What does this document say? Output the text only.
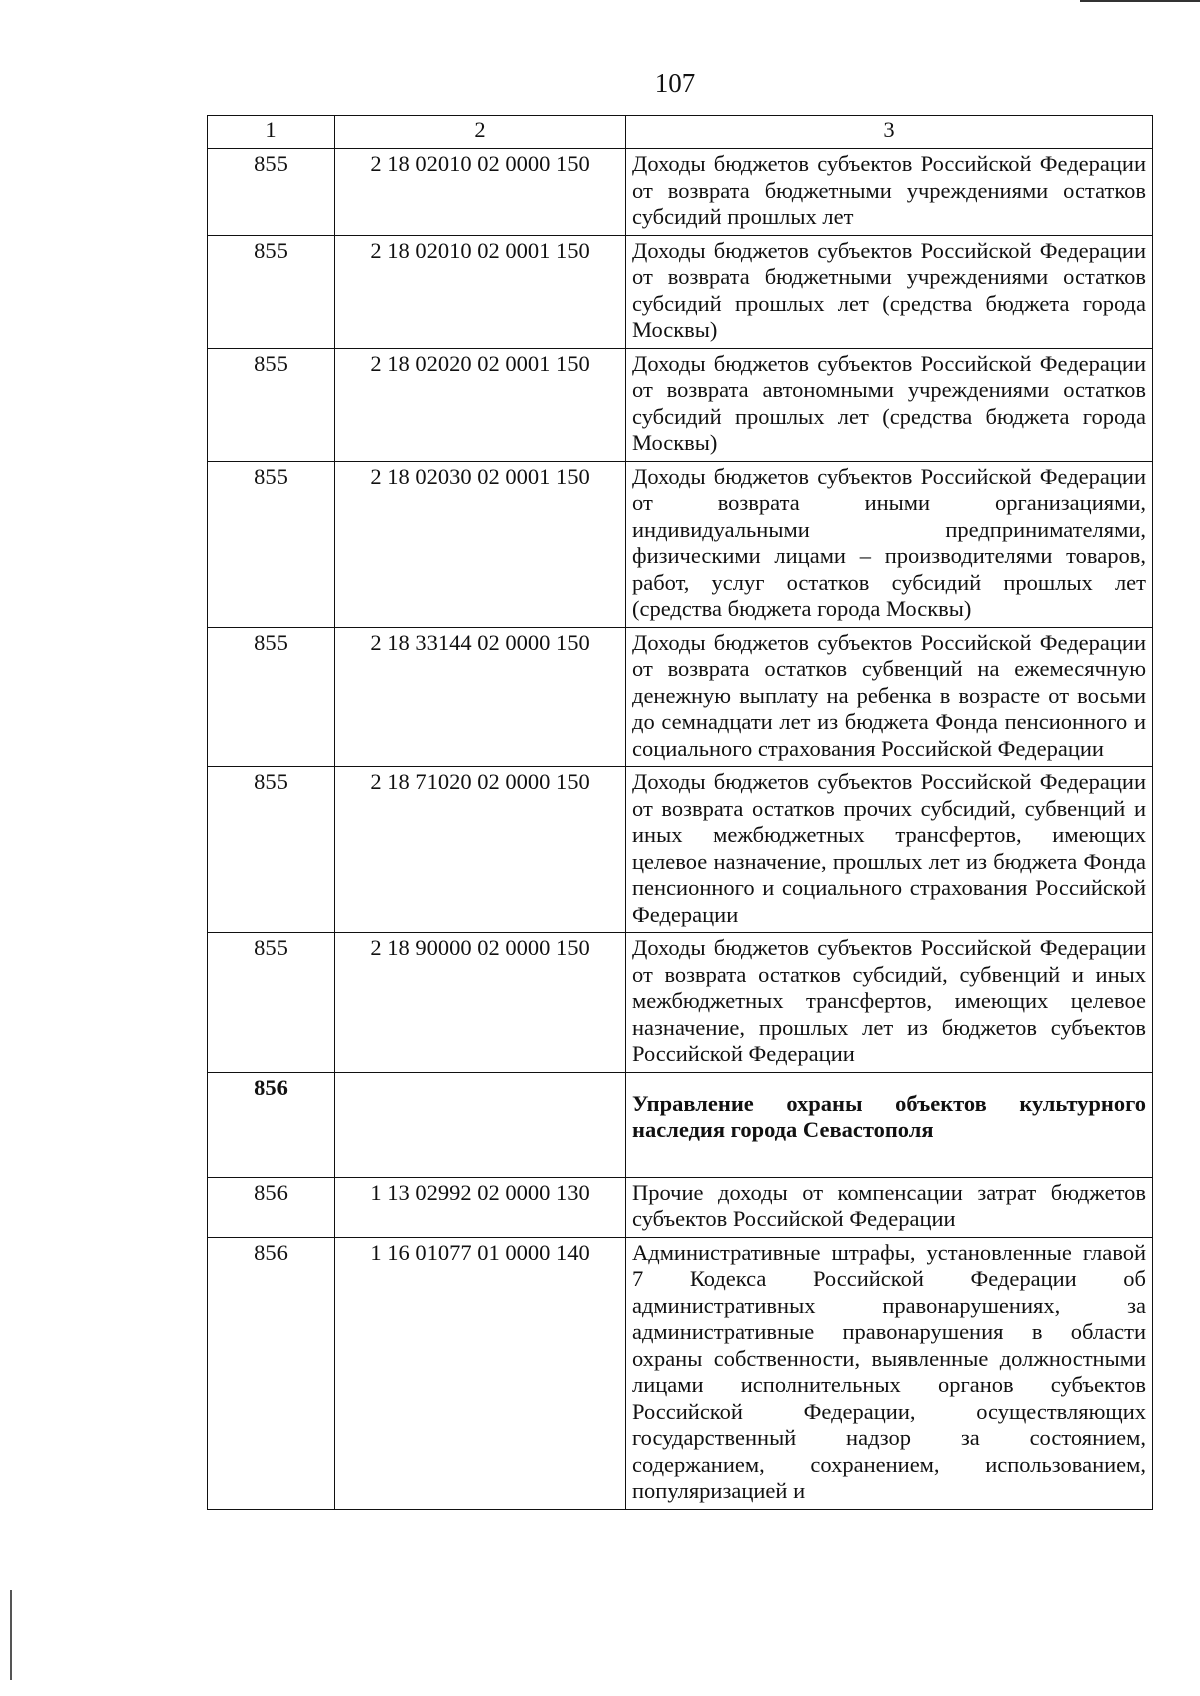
107
1	2	3
855	2 18 02010 02 0000 150	Доходы бюджетов субъектов Российской Федерации от возврата бюджетными учреждениями остатков субсидий прошлых лет
855	2 18 02010 02 0001 150	Доходы бюджетов субъектов Российской Федерации от возврата бюджетными учреждениями остатков субсидий прошлых лет (средства бюджета города Москвы)
855	2 18 02020 02 0001 150	Доходы бюджетов субъектов Российской Федерации от возврата автономными учреждениями остатков субсидий прошлых лет (средства бюджета города Москвы)
855	2 18 02030 02 0001 150	Доходы бюджетов субъектов Российской Федерации от возврата иными организациями, индивидуальными предпринимателями, физическими лицами – производителями товаров, работ, услуг остатков субсидий прошлых лет (средства бюджета города Москвы)
855	2 18 33144 02 0000 150	Доходы бюджетов субъектов Российской Федерации от возврата остатков субвенций на ежемесячную денежную выплату на ребенка в возрасте от восьми до семнадцати лет из бюджета Фонда пенсионного и социального страхования Российской Федерации
855	2 18 71020 02 0000 150	Доходы бюджетов субъектов Российской Федерации от возврата остатков прочих субсидий, субвенций и иных межбюджетных трансфертов, имеющих целевое назначение, прошлых лет из бюджета Фонда пенсионного и социального страхования Российской Федерации
855	2 18 90000 02 0000 150	Доходы бюджетов субъектов Российской Федерации от возврата остатков субсидий, субвенций и иных межбюджетных трансфертов, имеющих целевое назначение, прошлых лет из бюджетов субъектов Российской Федерации
856		Управление охраны объектов культурного наследия города Севастополя
856	1 13 02992 02 0000 130	Прочие доходы от компенсации затрат бюджетов субъектов Российской Федерации
856	1 16 01077 01 0000 140	Административные штрафы, установленные главой 7 Кодекса Российской Федерации об административных правонарушениях, за административные правонарушения в области охраны собственности, выявленные должностными лицами исполнительных органов субъектов Российской Федерации, осуществляющих государственный надзор за состоянием, содержанием, сохранением, использованием, популяризацией и
